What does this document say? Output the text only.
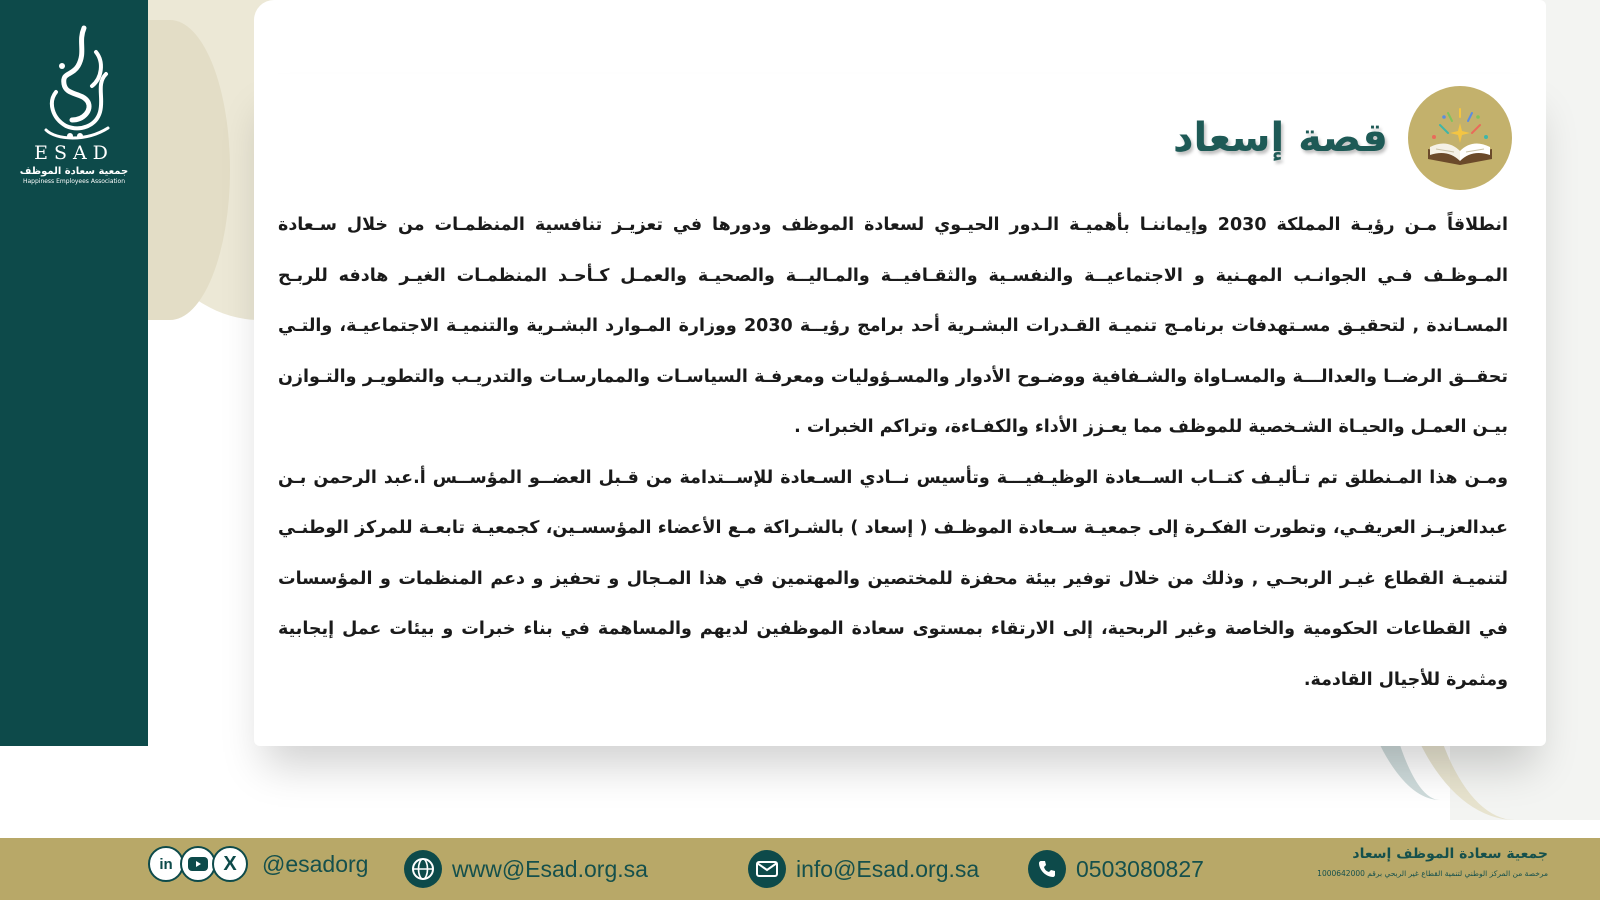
ESAD
جمعية سعادة الموظف
Happiness Employees Association
قصة إسعاد

انطلاقاً مـن رؤيـة المملكة 2030 وإيماننـا بأهميـة الـدور الحيـوي لسعادة الموظف ودورها في تعزيـز تنافسية المنظمـات من خلال سـعادة المـوظـف فـي الجوانـب المهـنية و الاجتماعيــة والنفسـية والثقـافيــة والمـاليــة والصحيـة والعمـل كـأحـد المنظمـات الغيـر هادفه للربـح المسـاندة , لتحقيـق مسـتهدفات برنامـج تنميـة القـدرات البشـرية أحد برامج رؤيــة 2030 ووزارة المـوارد البشـرية والتنميـة الاجتماعيـة، والتـي تحقــق الرضــا والعدالـــة والمسـاواة والشـفافية ووضـوح الأدوار والمسـؤوليات ومعرفـة السياسـات والممارسـات والتدريـب والتطويـر والتـوازن بيـن العمـل والحيـاة الشـخصية للموظف مما يعـزز الأداء والكفـاءة، وتراكم الخبرات .

ومـن هذا المـنطلق تم تـأليـف كتــاب الســعادة الوظيـفيـــة وتأسيس نــادي السـعادة للإســتدامة من قـبل العضــو المؤســس أ.عبد الرحمن بـن عبدالعزيـز العريفـي، وتطورت الفكـرة إلى جمعيـة سـعادة الموظـف ( إسعاد ) بالشـراكة مـع الأعضاء المؤسسـين، كجمعيـة تابعـة للمركز الوطنـي لتنميـة القطاع غيـر الربحـي , وذلك من خلال توفير بيئة محفزة للمختصين والمهتمين في هذا المـجال و تحفيز و دعم المنظمات و المؤسسات في القطاعات الحكومية والخاصة وغير الربحية، إلى الارتقاء بمستوى سعادة الموظفين لديهم والمساهمة في بناء خبرات و بيئات عمل إيجابية ومثمرة للأجيال القادمة.

in	X	@esadorg	www@Esad.org.sa	info@Esad.org.sa	0503080827
جمعية سعادة الموظف إسعاد
مرخصة من المركز الوطني لتنمية القطاع غير الربحي برقم 1000642000
